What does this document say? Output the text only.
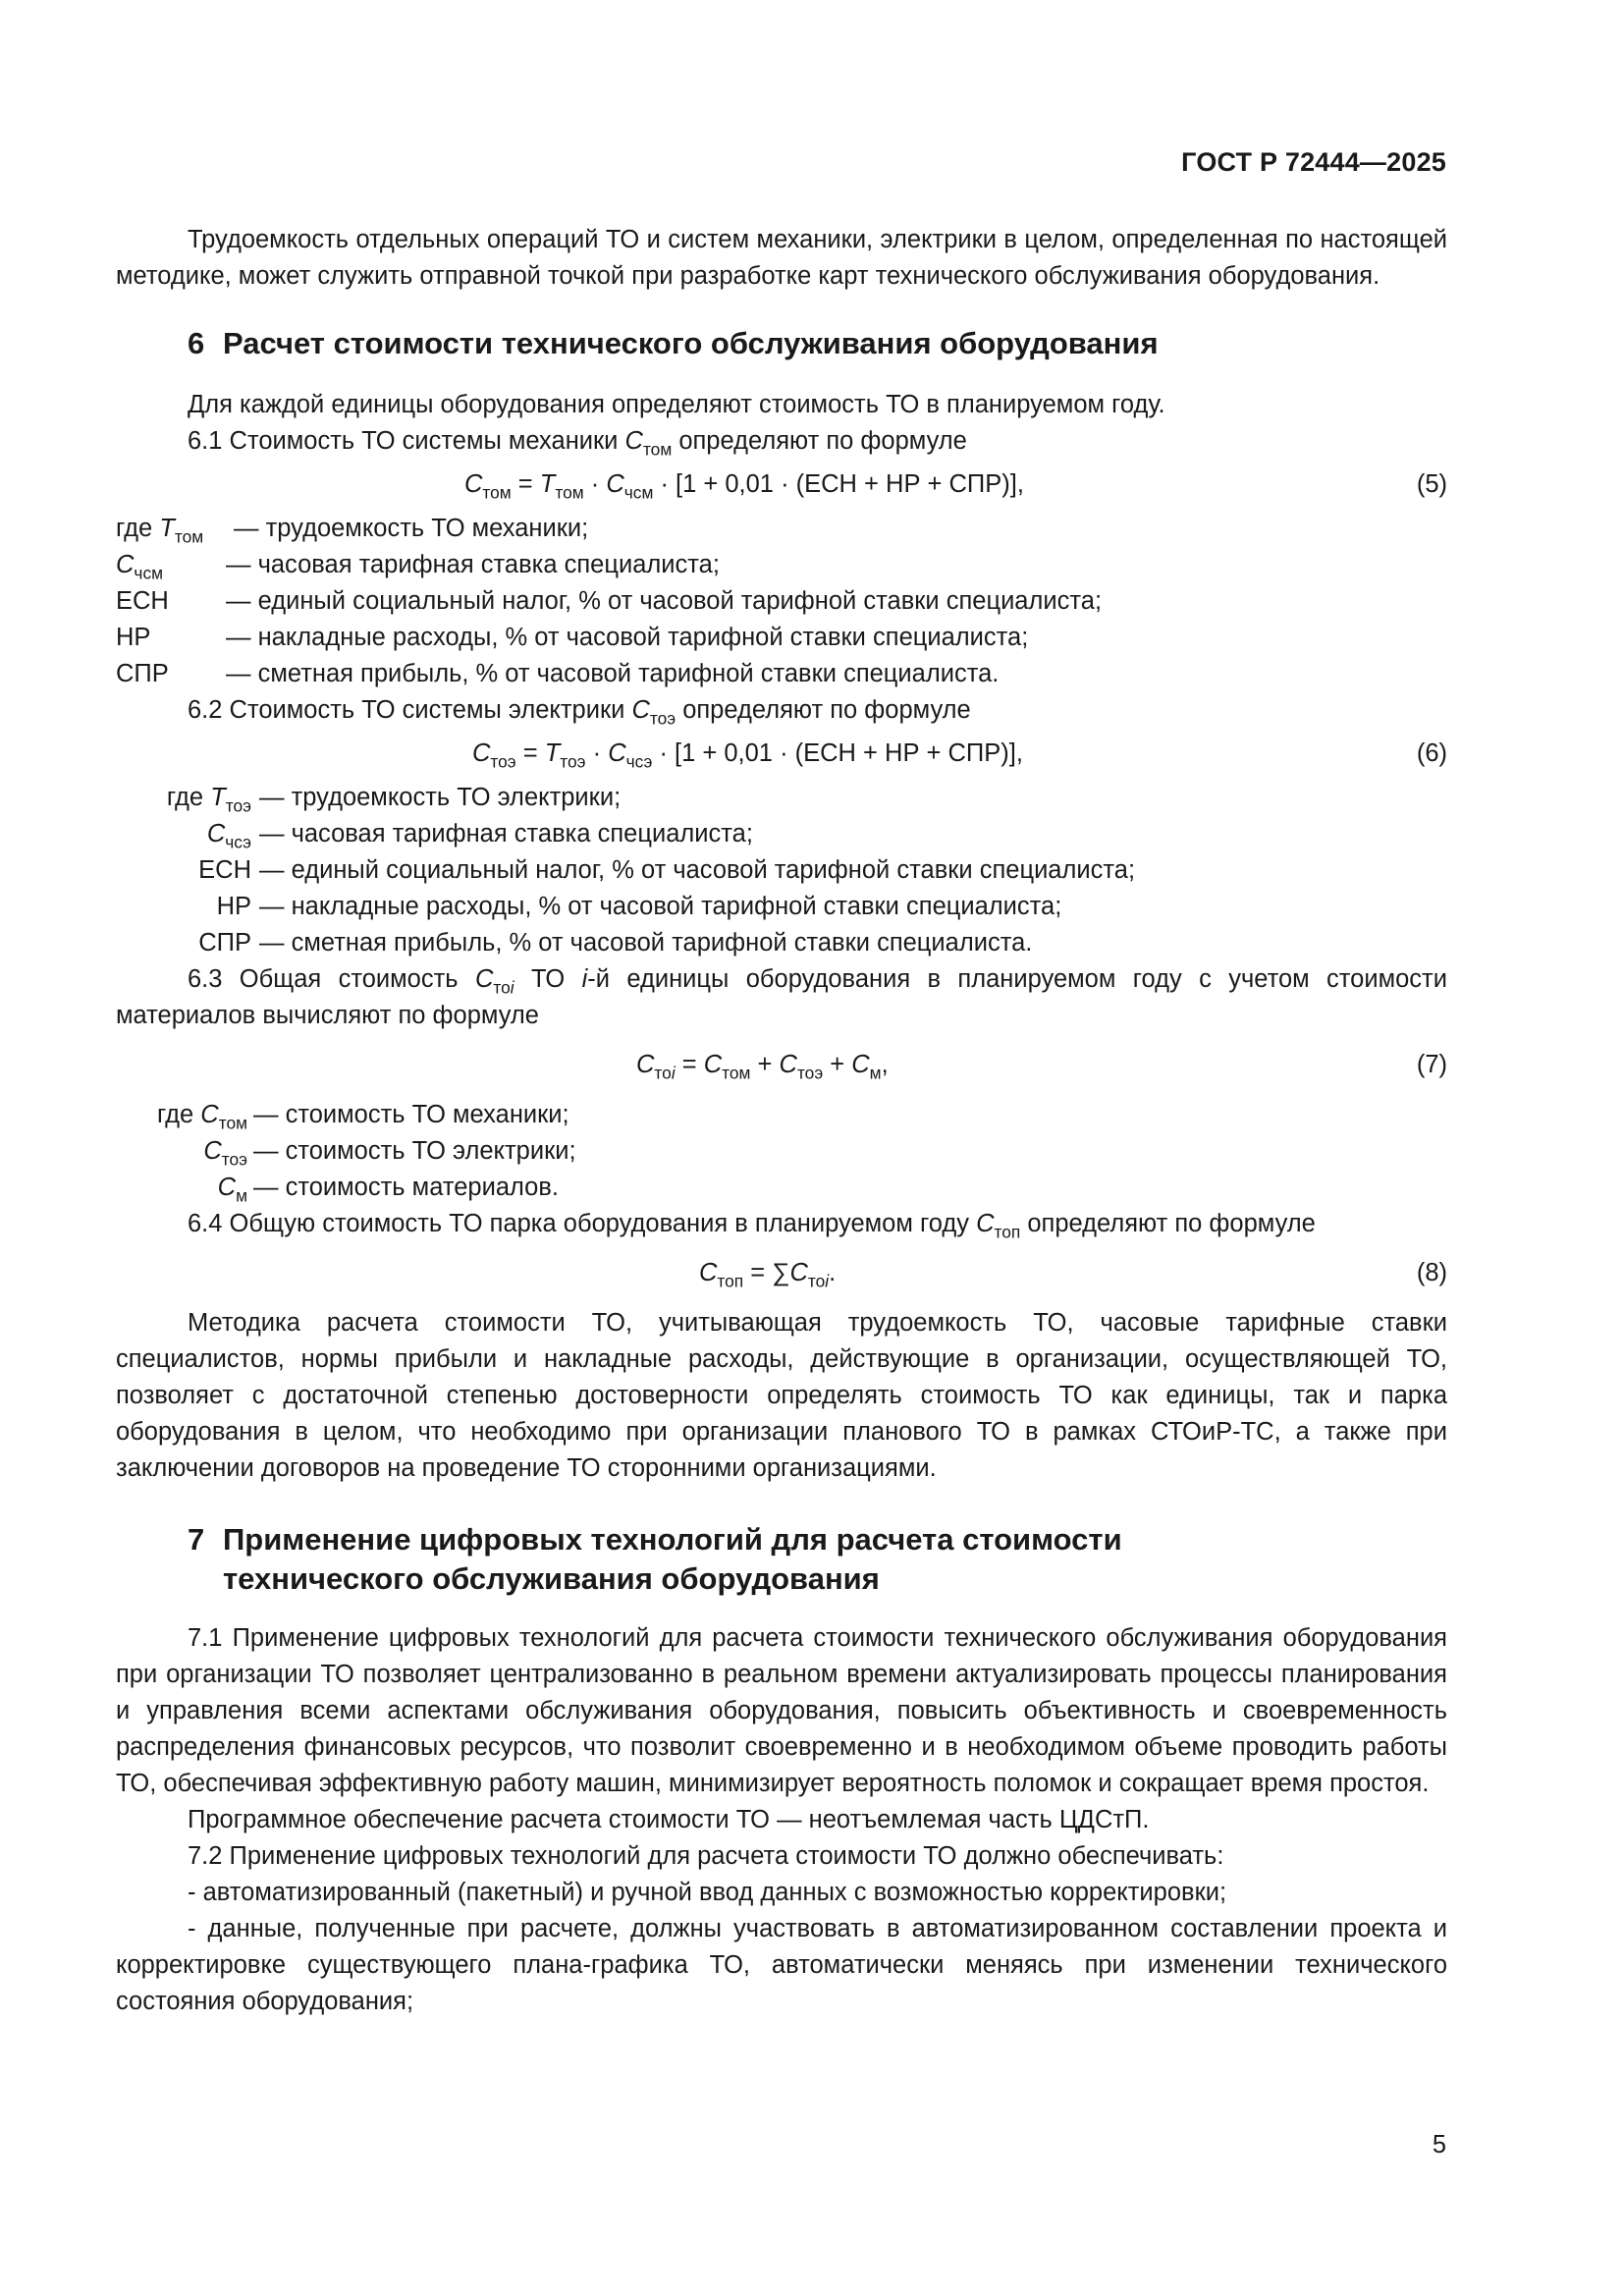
ГОСТ Р 72444—2025

Трудоемкость отдельных операций ТО и систем механики, электрики в целом, определенная по настоящей методике, может служить отправной точкой при разработке карт технического обслуживания оборудования.

6 Расчет стоимости технического обслуживания оборудования

Для каждой единицы оборудования определяют стоимость ТО в планируемом году.

6.1 Стоимость ТО системы механики $C_{том}$ определяют по формуле

$C_{том} = T_{том} \cdot C_{чсм} \cdot [1 + 0,01 \cdot (ЕСН$ + НР + СПР)],	(5)
где $T_{том}$	— трудоемкость ТО механики;
$C_{чсм}$	— часовая тарифная ставка специалиста;
ЕСН	— единый социальный налог, % от часовой тарифной ставки специалиста;
НР	— накладные расходы, % от часовой тарифной ставки специалиста;
СПР	— сметная прибыль, % от часовой тарифной ставки специалиста.

6.2 Стоимость ТО системы электрики $C_{тоэ}$ определяют по формуле

$C_{тоэ} = T_{тоэ} \cdot C_{чсэ} \cdot [1 + 0,01 \cdot (ЕСН$ + НР + СПР)],	(6)
где $T_{тоэ}$ — трудоемкость ТО электрики;
$C_{чсэ}$ — часовая тарифная ставка специалиста;
ЕСН — единый социальный налог, % от часовой тарифной ставки специалиста;
НР — накладные расходы, % от часовой тарифной ставки специалиста;
СПР — сметная прибыль, % от часовой тарифной ставки специалиста.

6.3 Общая стоимость $C_{тоi}$ ТО i-й единицы оборудования в планируемом году с учетом стоимости материалов вычисляют по формуле

$C_{тоi} = C_{том} + C_{тоэ} + C_м$,	(7)
где $C_{том}$ — стоимость ТО механики;
$C_{тоэ}$ — стоимость ТО электрики;
$C_м$ — стоимость материалов.

6.4 Общую стоимость ТО парка оборудования в планируемом году $C_{топ}$ определяют по формуле

$C_{топ} = \sum C_{тоi}$.	(8)

Методика расчета стоимости ТО, учитывающая трудоемкость ТО, часовые тарифные ставки специалистов, нормы прибыли и накладные расходы, действующие в организации, осуществляющей ТО, позволяет с достаточной степенью достоверности определять стоимость ТО как единицы, так и парка оборудования в целом, что необходимо при организации планового ТО в рамках СТОиР-ТС, а также при заключении договоров на проведение ТО сторонними организациями.

7 Применение цифровых технологий для расчета стоимости
технического обслуживания оборудования

7.1 Применение цифровых технологий для расчета стоимости технического обслуживания оборудования при организации ТО позволяет централизованно в реальном времени актуализировать процессы планирования и управления всеми аспектами обслуживания оборудования, повысить объективность и своевременность распределения финансовых ресурсов, что позволит своевременно и в необходимом объеме проводить работы ТО, обеспечивая эффективную работу машин, минимизирует вероятность поломок и сокращает время простоя.

Программное обеспечение расчета стоимости ТО — неотъемлемая часть ЦДСтП.

7.2 Применение цифровых технологий для расчета стоимости ТО должно обеспечивать:

- автоматизированный (пакетный) и ручной ввод данных с возможностью корректировки;

- данные, полученные при расчете, должны участвовать в автоматизированном составлении проекта и корректировке существующего плана-графика ТО, автоматически меняясь при изменении технического состояния оборудования;

5
